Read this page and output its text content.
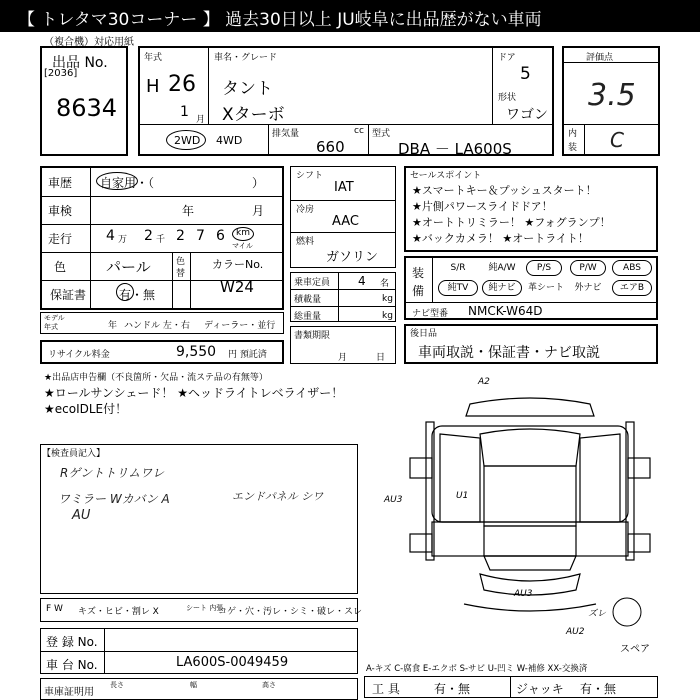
【 トレタマ30コーナー 】 過去30日以上 JU岐阜に出品歴がない車両
（複合機）対応用紙
出品 No.
[2036]
8634
年式
H 26
1 月
車名・グレード
タント
Xターボ
ドア
5
形状
ワゴン
2WD 4WD	排気量	cc
660
型式
DBA － LA600S
評価点
3.5
内
装 C
車歴 自家用・（	）
車検	年	月
走行 4 万 2 千 2 7 6 km
マイル
色	パール	色
替
カラーNo.
W24
保証書	有・無
モデル
年式	年 ハンドル 左・右 ディーラー・並行
リサイクル料金	9,550 円 預託済
シフト
IAT
冷房
AAC
燃料
ガソリン
乗車定員 4 名
積載量	kg
総重量	kg
書類期限
月	日
セールスポイント
★スマートキー＆プッシュスタート！
★片側パワースライドドア！
★オートトリミラー！ ★フォグランプ！
★バックカメラ！ ★オートライト！
装
備
S/R	純A/W	P/S	P/W	ABS
純TV	純ナビ	革シート	外ナビ	エアB
ナビ型番 NMCK-W64D
後日品
車両取説・保証書・ナビ取説
★出品店申告欄（不良箇所・欠品・流ステ品の有無等）
★ロールサンシェード！ ★ヘッドライトレベライザー！
★ecoIDLE付！
【検査員記入】
Rゲントトリムワレ
ワミラー Wカバン A
AU
エンドパネル シワ
A2
U1
AU3
AU3
ズレ
AU2
スペア
F W キズ・ヒビ・割レ X	シート 内張
コゲ・穴・汚レ・シミ・破レ・スレ
登 録 No.
車 台 No.	LA600S-0049459
車庫証明用
長さ	幅	高さ
A-キズ C-腐食 E-エクボ S-サビ U-凹ミ W-補修 XX-交換済
工 具	有・無	ジャッキ 有・無
